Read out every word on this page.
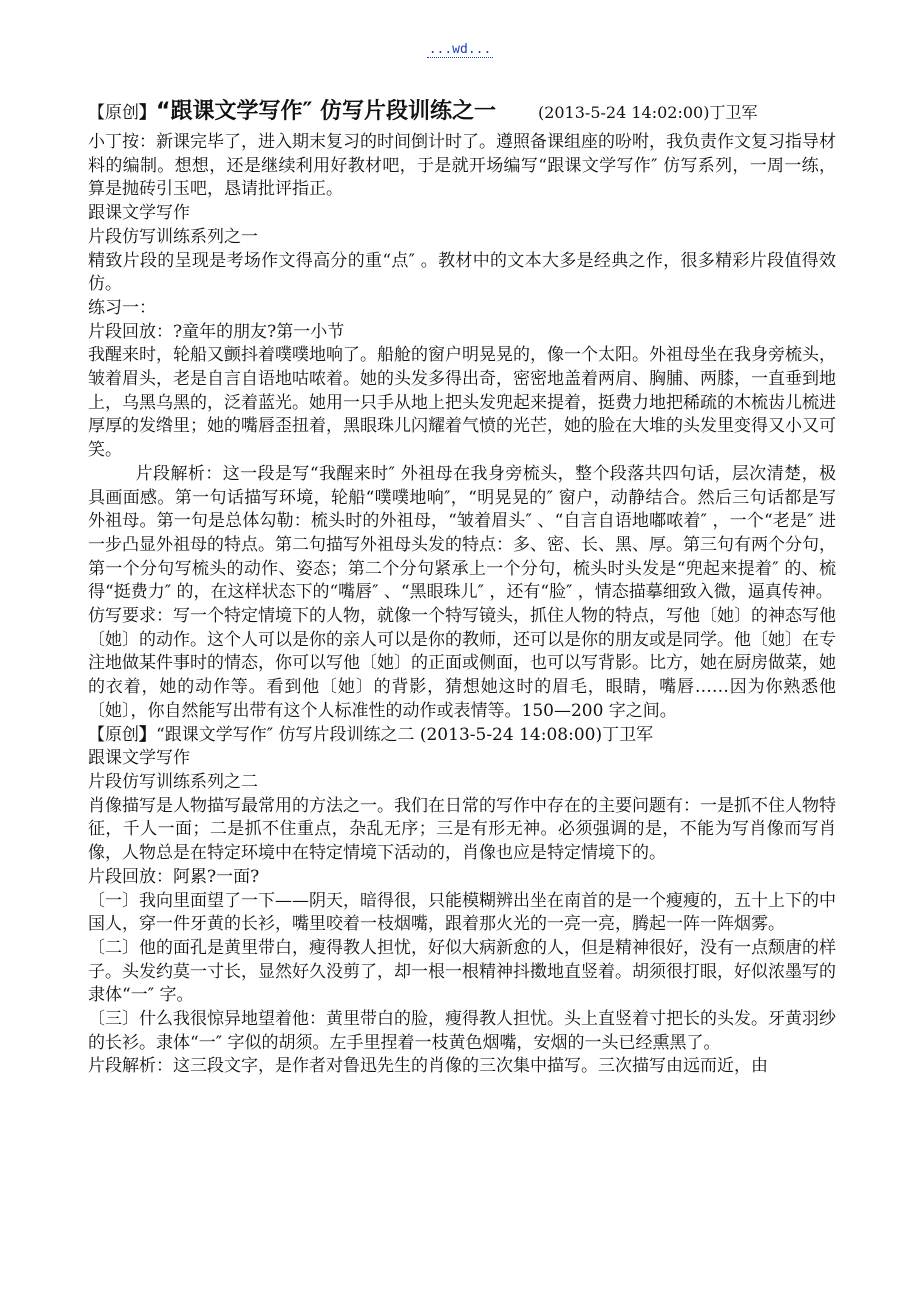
...wd...
【原创】“跟课文学写作″ 仿写片段训练之一	(2013-5-24 14:02:00)丁卫军

小丁按：新课完毕了，进入期末复习的时间倒计时了。遵照备课组座的吩咐，我负责作文复习指导材料的编制。想想，还是继续利用好教材吧，于是就开场编写“跟课文学写作″ 仿写系列，一周一练，算是抛砖引玉吧，恳请批评指正。

跟课文学写作

片段仿写训练系列之一

精致片段的呈现是考场作文得高分的重“点″ 。教材中的文本大多是经典之作，很多精彩片段值得效仿。

练习一：

片段回放：?童年的朋友?第一小节

我醒来时，轮船又颤抖着噗噗地响了。船舱的窗户明晃晃的，像一个太阳。外祖母坐在我身旁梳头，皱着眉头，老是自言自语地咕哝着。她的头发多得出奇，密密地盖着两肩、胸脯、两膝，一直垂到地上，乌黑乌黑的，泛着蓝光。她用一只手从地上把头发兜起来提着，挺费力地把稀疏的木梳齿儿梳进厚厚的发绺里；她的嘴唇歪扭着，黑眼珠儿闪耀着气愤的光芒，她的脸在大堆的头发里变得又小又可笑。

片段解析：这一段是写“我醒来时″ 外祖母在我身旁梳头，整个段落共四句话，层次清楚，极具画面感。第一句话描写环境，轮船“噗噗地响″，“明晃晃的″ 窗户，动静结合。然后三句话都是写外祖母。第一句是总体勾勒：梳头时的外祖母，“皱着眉头″ 、“自言自语地嘟哝着″ ，一个“老是″ 进一步凸显外祖母的特点。第二句描写外祖母头发的特点：多、密、长、黑、厚。第三句有两个分句，第一个分句写梳头的动作、姿态；第二个分句紧承上一个分句，梳头时头发是“兜起来提着″ 的、梳得“挺费力″ 的，在这样状态下的“嘴唇″ 、“黑眼珠儿″ ，还有“脸″ ，情态描摹细致入微，逼真传神。

仿写要求：写一个特定情境下的人物，就像一个特写镜头，抓住人物的特点，写他〔她〕的神态写他〔她〕的动作。这个人可以是你的亲人可以是你的教师，还可以是你的朋友或是同学。他〔她〕在专注地做某件事时的情态，你可以写他〔她〕的正面或侧面，也可以写背影。比方，她在厨房做菜，她的衣着，她的动作等。看到他〔她〕的背影，猜想她这时的眉毛，眼睛，嘴唇……因为你熟悉他〔她〕，你自然能写出带有这个人标准性的动作或表情等。150—200 字之间。

【原创】“跟课文学写作″ 仿写片段训练之二 (2013-5-24 14:08:00)丁卫军

跟课文学写作

片段仿写训练系列之二

肖像描写是人物描写最常用的方法之一。我们在日常的写作中存在的主要问题有：一是抓不住人物特征，千人一面；二是抓不住重点，杂乱无序；三是有形无神。必须强调的是，不能为写肖像而写肖像，人物总是在特定环境中在特定情境下活动的，肖像也应是特定情境下的。

片段回放：阿累?一面?

〔一〕我向里面望了一下——阴天，暗得很，只能模糊辨出坐在南首的是一个瘦瘦的，五十上下的中国人，穿一件牙黄的长衫，嘴里咬着一枝烟嘴，跟着那火光的一亮一亮，腾起一阵一阵烟雾。

〔二〕他的面孔是黄里带白，瘦得教人担忧，好似大病新愈的人，但是精神很好，没有一点颓唐的样子。头发约莫一寸长，显然好久没剪了，却一根一根精神抖擞地直竖着。胡须很打眼，好似浓墨写的隶体“一″ 字。

〔三〕什么我很惊异地望着他：黄里带白的脸，瘦得教人担忧。头上直竖着寸把长的头发。牙黄羽纱的长衫。隶体“一″ 字似的胡须。左手里捏着一枝黄色烟嘴，安烟的一头已经熏黑了。

片段解析：这三段文字，是作者对鲁迅先生的肖像的三次集中描写。三次描写由远而近，由
